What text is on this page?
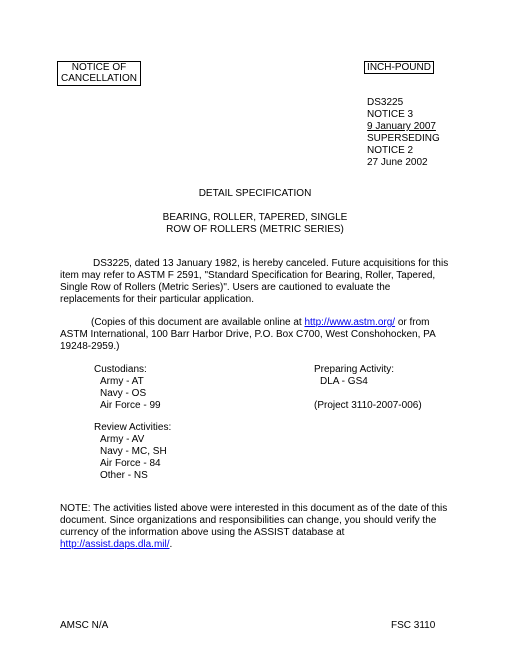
NOTICE OF
CANCELLATION
INCH-POUND
DS3225
NOTICE 3
9 January 2007
SUPERSEDING
NOTICE 2
27 June 2002
DETAIL SPECIFICATION
BEARING, ROLLER, TAPERED, SINGLE
ROW OF ROLLERS (METRIC SERIES)

DS3225, dated 13 January 1982, is hereby canceled. Future acquisitions for this item may refer to ASTM F 2591, "Standard Specification for Bearing, Roller, Tapered, Single Row of Rollers (Metric Series)". Users are cautioned to evaluate the replacements for their particular application.

(Copies of this document are available online at http://www.astm.org/ or from ASTM International, 100 Barr Harbor Drive, P.O. Box C700, West Conshohocken, PA 19248-2959.)
Custodians:
Army - AT
Navy - OS
Air Force - 99
Review Activities:
Army - AV
Navy - MC, SH
Air Force - 84
Other - NS
Preparing Activity:
DLA - GS4
(Project 3110-2007-006)
NOTE: The activities listed above were interested in this document as of the date of this document. Since organizations and responsibilities can change, you should verify the currency of the information above using the ASSIST database at http://assist.daps.dla.mil/.
AMSC N/A	FSC 3110
